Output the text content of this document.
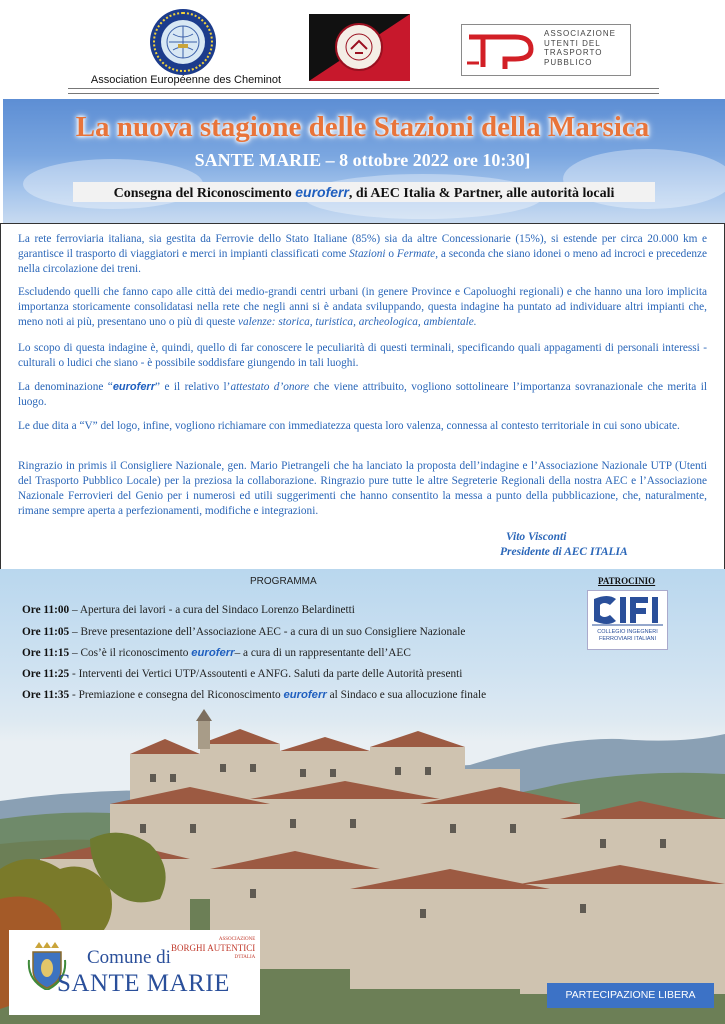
Association Européenne des Cheminot
ASSOCIAZIONE
UTENTI DEL
TRASPORTO
PUBBLICO
La nuova stagione delle Stazioni della Marsica
SANTE MARIE – 8 ottobre 2022 ore 10:30]
Consegna del Riconoscimento euroferr, di AEC Italia & Partner, alle autorità locali
La rete ferroviaria italiana, sia gestita da Ferrovie dello Stato Italiane (85%) sia da altre Concessionarie (15%), si estende per circa 20.000 km e garantisce il trasporto di viaggiatori e merci in impianti classificati come Stazioni o Fermate, a seconda che siano idonei o meno ad incroci e precedenze nella circolazione dei treni.
Escludendo quelli che fanno capo alle città dei medio-grandi centri urbani (in genere Province e Capoluoghi regionali) e che hanno una loro implicita importanza storicamente consolidatasi nella rete che negli anni si è andata sviluppando, questa indagine ha puntato ad individuare altri impianti che, meno noti ai più, presentano uno o più di queste valenze: storica, turistica, archeologica, ambientale.
Lo scopo di questa indagine è, quindi, quello di far conoscere le peculiarità di questi terminali, specificando quali appagamenti di personali interessi - culturali o ludici che siano - è possibile soddisfare giungendo in tali luoghi.
La denominazione “euroferr” e il relativo l’attestato d’onore che viene attribuito, vogliono sottolineare l’importanza sovranazionale che merita il luogo.
Le due dita a “V” del logo, infine, vogliono richiamare con immediatezza questa loro valenza, connessa al contesto territoriale in cui sono ubicate.
Ringrazio in primis il Consigliere Nazionale, gen. Mario Pietrangeli che ha lanciato la proposta dell’indagine e l’Associazione Nazionale UTP (Utenti del Trasporto Pubblico Locale) per la preziosa la collaborazione. Ringrazio pure tutte le altre Segreterie Regionali della nostra AEC e l’Associazione Nazionale Ferrovieri del Genio per i numerosi ed utili suggerimenti che hanno consentito la messa a punto della pubblicazione, che, naturalmente, rimane sempre aperta a perfezionamenti, modifiche e integrazioni.
Vito Visconti
Presidente di AEC ITALIA
PROGRAMMA	PATROCINIO
COLLEGIO INGEGNERI FERROVIARI ITALIANI
Ore 11:00 – Apertura dei lavori - a cura del Sindaco Lorenzo Belardinetti
Ore 11:05 – Breve presentazione dell’Associazione AEC - a cura di un suo Consigliere Nazionale
Ore 11:15 – Cos’è il riconoscimento euroferr– a cura di un rappresentante dell’AEC
Ore 11:25 - Interventi dei Vertici UTP/Assoutenti e ANFG. Saluti da parte delle Autorità presenti
Ore 11:35 - Premiazione e consegna del Riconoscimento euroferr al Sindaco e sua allocuzione finale
ASSOCIAZIONE
BORGHI AUTENTICI
D'ITALIA
Comune di
SANTE MARIE	PARTECIPAZIONE LIBERA
